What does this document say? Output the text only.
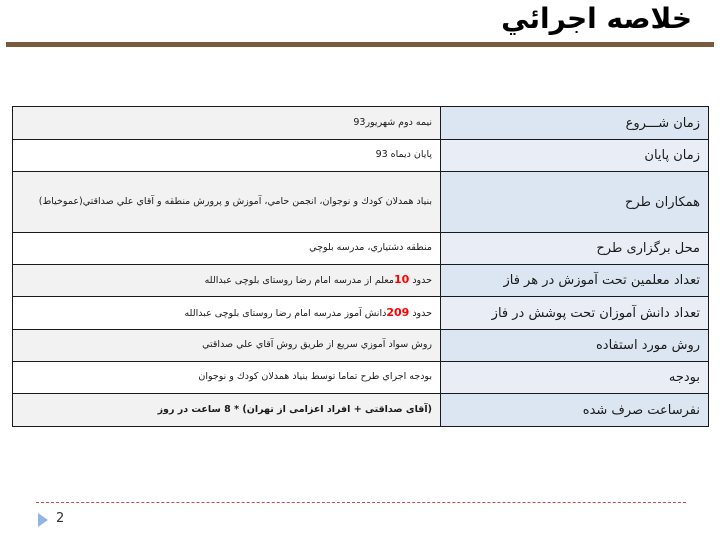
خلاصه اجرائي
زمان شـــروع	نيمه دوم شهريور93
زمان پايان	پایان دیماه 93
همكاران طرح	بنياد همدلان كودك و نوجوان، انجمن حامي، آموزش و پرورش منطقه و آقاي علي صداقتي(عموخياط)
محل برگزاری طرح	منطقه دشتياري، مدرسه بلوچي
تعداد معلمين تحت آموزش در هر فاز	حدود 10معلم از مدرسه امام رضا روستای بلوچی عبدالله
تعداد دانش آموزان تحت پوشش در فاز	حدود 209دانش آموز مدرسه امام رضا روستای بلوچی عبدالله
روش مورد استفاده	روش سواد آموزي سريع از طريق روش آقاي علي صداقتي
بودجه	بودجه اجراي طرح تماما توسط بنياد همدلان كودك و نوجوان
نفرساعت صرف شده	(آقای صداقتی + افراد اعزامی از تهران) * 8 ساعت در روز
2
